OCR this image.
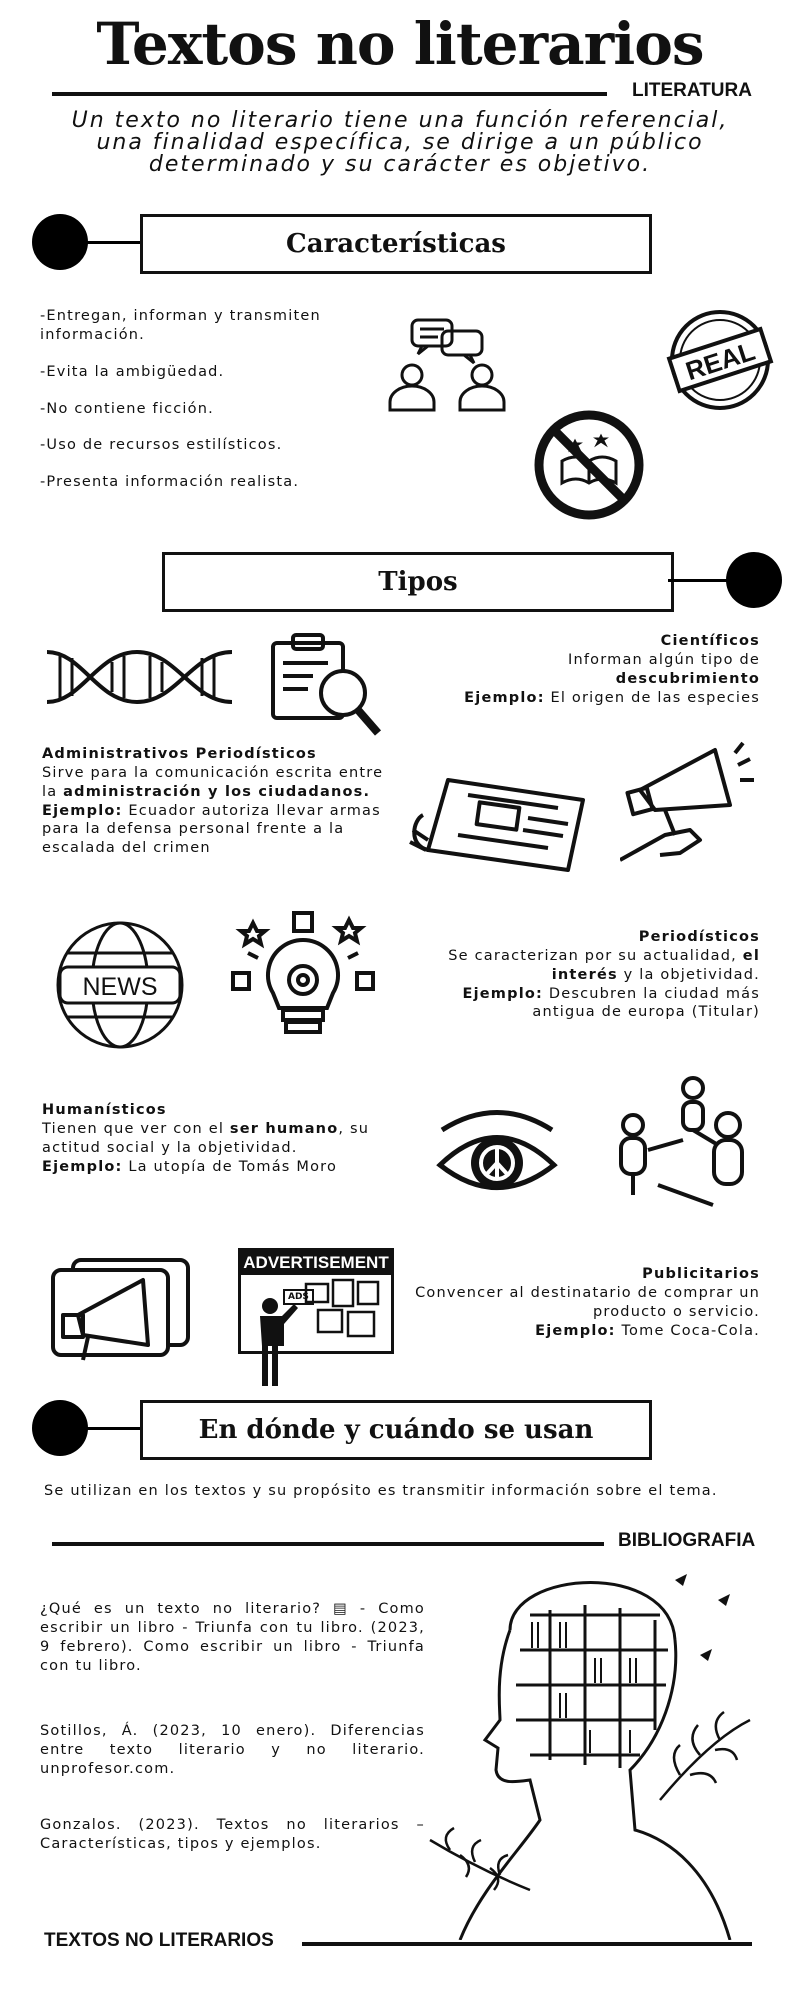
Textos no literarios
LITERATURA
Un texto no literario tiene una función referencial, una finalidad específica, se dirige a un público determinado y su carácter es objetivo.
Características

-Entregan, informan y transmiten información.

-Evita la ambigüedad.

-No contiene ficción.

-Uso de recursos estilísticos.

-Presenta información realista.

REAL
Tipos
Científicos
Informan algún tipo de
descubrimiento
Ejemplo: El origen de las especies
Administrativos Periodísticos
Sirve para la comunicación escrita entre la administración y los ciudadanos.
Ejemplo: Ecuador autoriza llevar armas para la defensa personal frente a la escalada del crimen
NEWS
Periodísticos
Se caracterizan por su actualidad, el interés y la objetividad.
Ejemplo: Descubren la ciudad más antigua de europa (Titular)
Humanísticos
Tienen que ver con el ser humano, su actitud social y la objetividad.
Ejemplo: La utopía de Tomás Moro
ADVERTISEMENT
ADS
Publicitarios
Convencer al destinatario de comprar un producto o servicio.
Ejemplo: Tome Coca-Cola.
En dónde y cuándo se usan
Se utilizan en los textos y su propósito es transmitir información sobre el tema.
BIBLIOGRAFIA
¿Qué es un texto no literario? ▤ - Como escribir un libro - Triunfa con tu libro. (2023, 9 febrero). Como escribir un libro - Triunfa con tu libro.
Sotillos, Á. (2023, 10 enero). Diferencias entre texto literario y no literario. unprofesor.com.
Gonzalos. (2023). Textos no literarios – Características, tipos y ejemplos.
TEXTOS NO LITERARIOS
